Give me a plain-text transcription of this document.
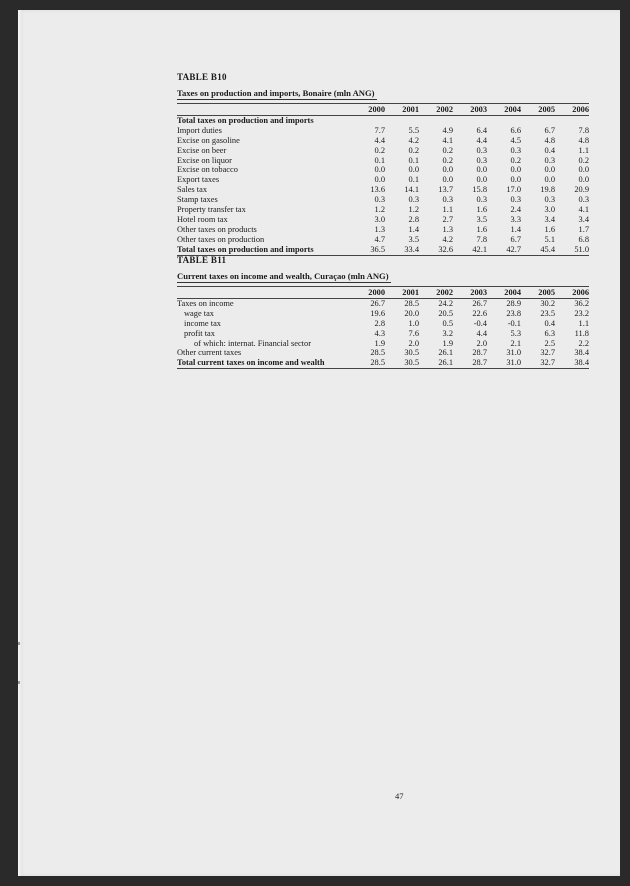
TABLE B10
Taxes on production and imports, Bonaire (mln ANG)
	2000	2001	2002	2003	2004	2005	2006
Total taxes on production and imports							
Import duties	7.7	5.5	4.9	6.4	6.6	6.7	7.8
Excise on gasoline	4.4	4.2	4.1	4.4	4.5	4.8	4.8
Excise on beer	0.2	0.2	0.2	0.3	0.3	0.4	1.1
Excise on liquor	0.1	0.1	0.2	0.3	0.2	0.3	0.2
Excise on tobacco	0.0	0.0	0.0	0.0	0.0	0.0	0.0
Export taxes	0.0	0.1	0.0	0.0	0.0	0.0	0.0
Sales tax	13.6	14.1	13.7	15.8	17.0	19.8	20.9
Stamp taxes	0.3	0.3	0.3	0.3	0.3	0.3	0.3
Property transfer tax	1.2	1.2	1.1	1.6	2.4	3.0	4.1
Hotel room tax	3.0	2.8	2.7	3.5	3.3	3.4	3.4
Other taxes on products	1.3	1.4	1.3	1.6	1.4	1.6	1.7
Other taxes on production	4.7	3.5	4.2	7.8	6.7	5.1	6.8
Total taxes on production and imports	36.5	33.4	32.6	42.1	42.7	45.4	51.0
TABLE B11
Current taxes on income and wealth, Curaçao (mln ANG)
	2000	2001	2002	2003	2004	2005	2006
Taxes on income	26.7	28.5	24.2	26.7	28.9	30.2	36.2
wage tax	19.6	20.0	20.5	22.6	23.8	23.5	23.2
income tax	2.8	1.0	0.5	-0.4	-0.1	0.4	1.1
profit tax	4.3	7.6	3.2	4.4	5.3	6.3	11.8
of which: internat. Financial sector	1.9	2.0	1.9	2.0	2.1	2.5	2.2
Other current taxes	28.5	30.5	26.1	28.7	31.0	32.7	38.4
Total current taxes on income and wealth	28.5	30.5	26.1	28.7	31.0	32.7	38.4
47
